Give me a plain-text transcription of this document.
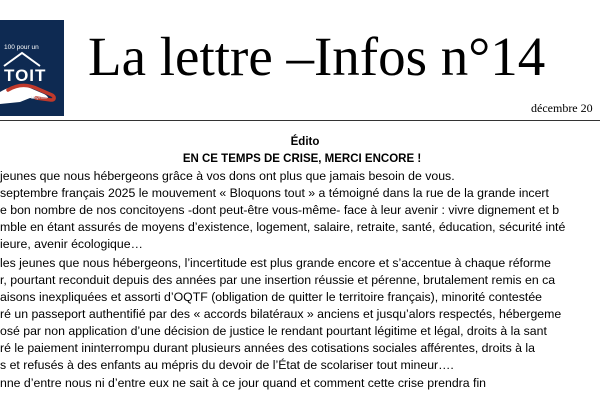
100 pour un
TOIT
Mayenne
La lettre –Infos n°14
décembre 20
Édito
EN CE TEMPS DE CRISE, MERCI ENCORE !
jeunes que nous hébergeons grâce à vos dons ont plus que jamais besoin de vous.
septembre français 2025 le mouvement « Bloquons tout » a témoigné dans la rue de la grande incert
e bon nombre de nos concitoyens -dont peut-être vous-même- face à leur avenir : vivre dignement et b
mble en étant assurés de moyens d’existence, logement, salaire, retraite, santé, éducation, sécurité inté
ieure, avenir écologique…
les jeunes que nous hébergeons, l’incertitude est plus grande encore et s’accentue à chaque réforme
r, pourtant reconduit depuis des années par une insertion réussie et pérenne, brutalement remis en ca
aisons inexpliquées et assorti d’OQTF (obligation de quitter le territoire français), minorité contestée
ré un passeport authentifié par des « accords bilatéraux » anciens et jusqu’alors respectés, hébergeme
osé par non application d’une décision de justice le rendant pourtant légitime et légal, droits à la sant
ré le paiement ininterrompu durant plusieurs années des cotisations sociales afférentes, droits à la
s et refusés à des enfants au mépris du devoir de l’État de scolariser tout mineur….
nne d’entre nous ni d’entre eux ne sait à ce jour quand et comment cette crise prendra fin
